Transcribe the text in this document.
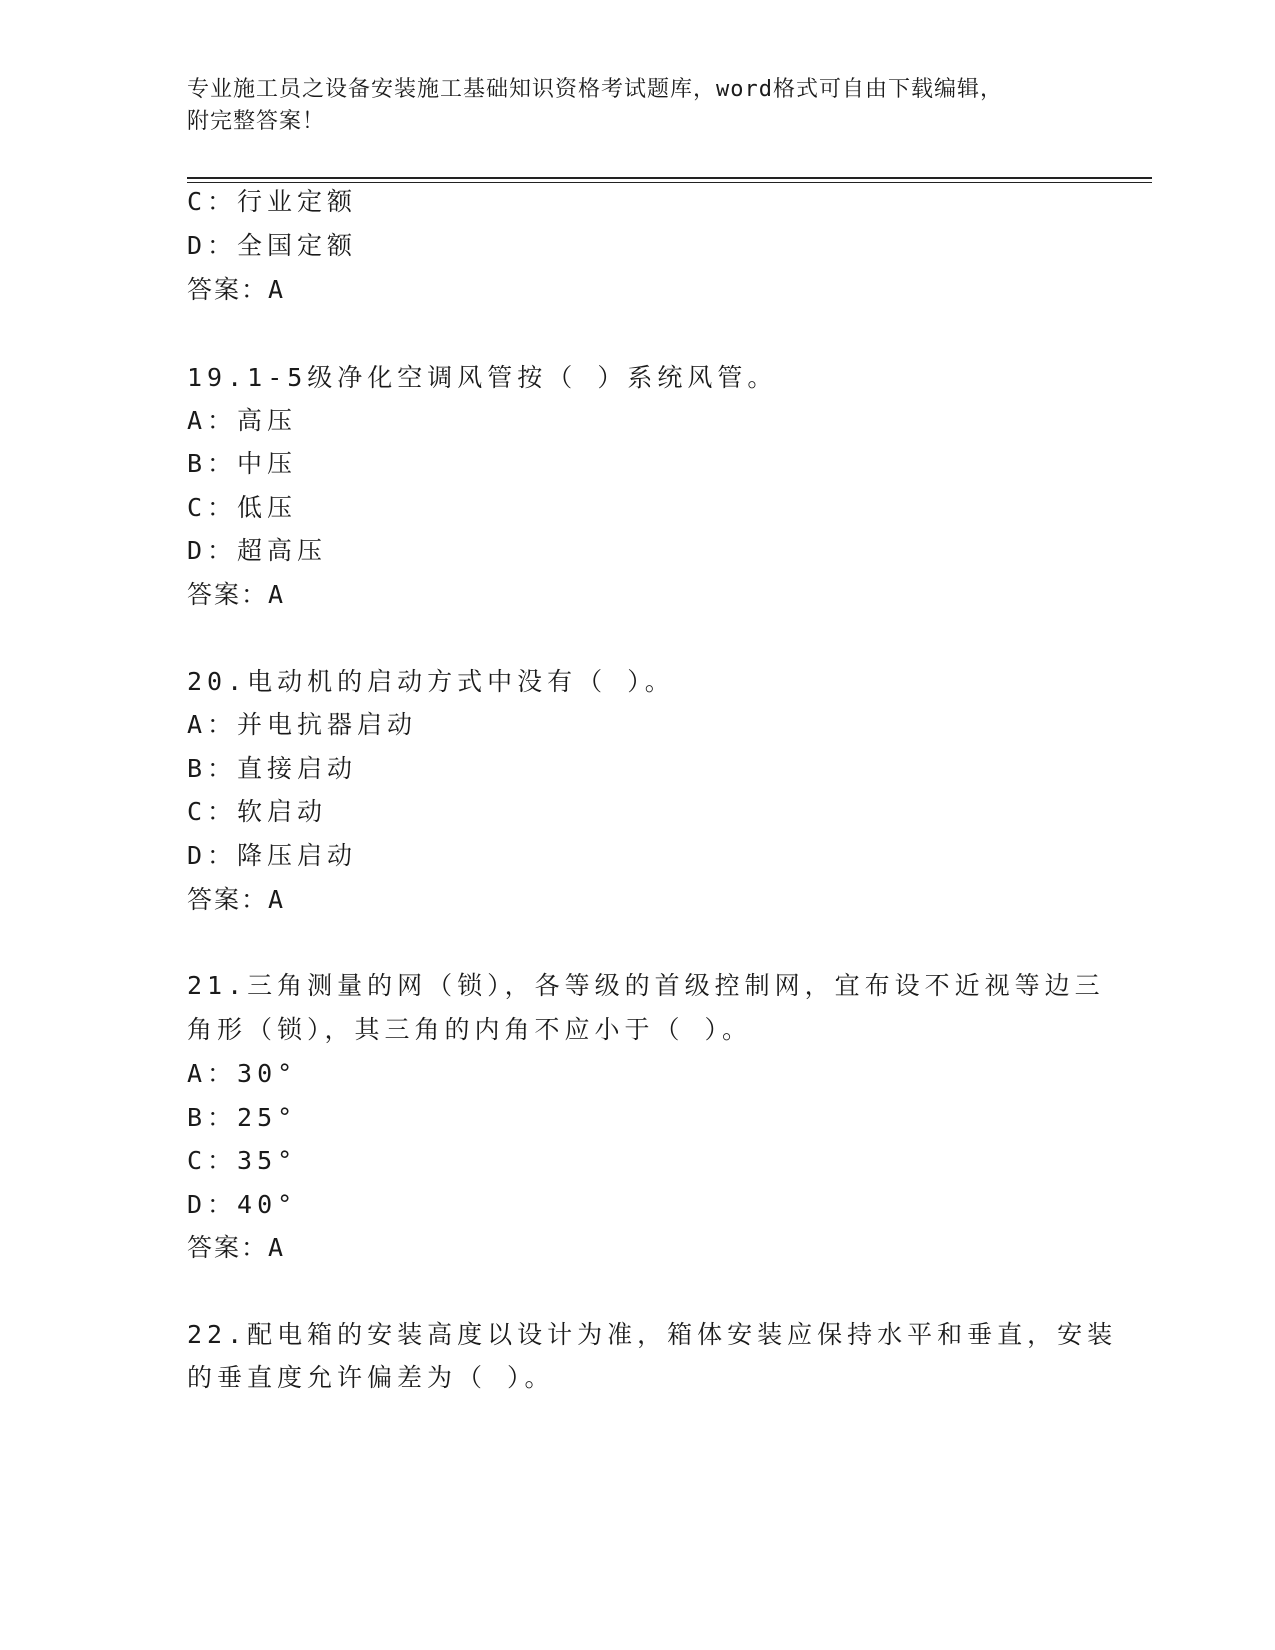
专业施工员之设备安装施工基础知识资格考试题库，word格式可自由下载编辑，
附完整答案！
C：行业定额
D：全国定额
答案：A
19.1-5级净化空调风管按（ ）系统风管。
A：高压
B：中压
C：低压
D：超高压
答案：A
20.电动机的启动方式中没有（ ）。
A：并电抗器启动
B：直接启动
C：软启动
D：降压启动
答案：A
21.三角测量的网（锁），各等级的首级控制网，宜布设不近视等边三
角形（锁），其三角的内角不应小于（ ）。
A：30°
B：25°
C：35°
D：40°
答案：A
22.配电箱的安装高度以设计为准，箱体安装应保持水平和垂直，安装
的垂直度允许偏差为（ ）。
